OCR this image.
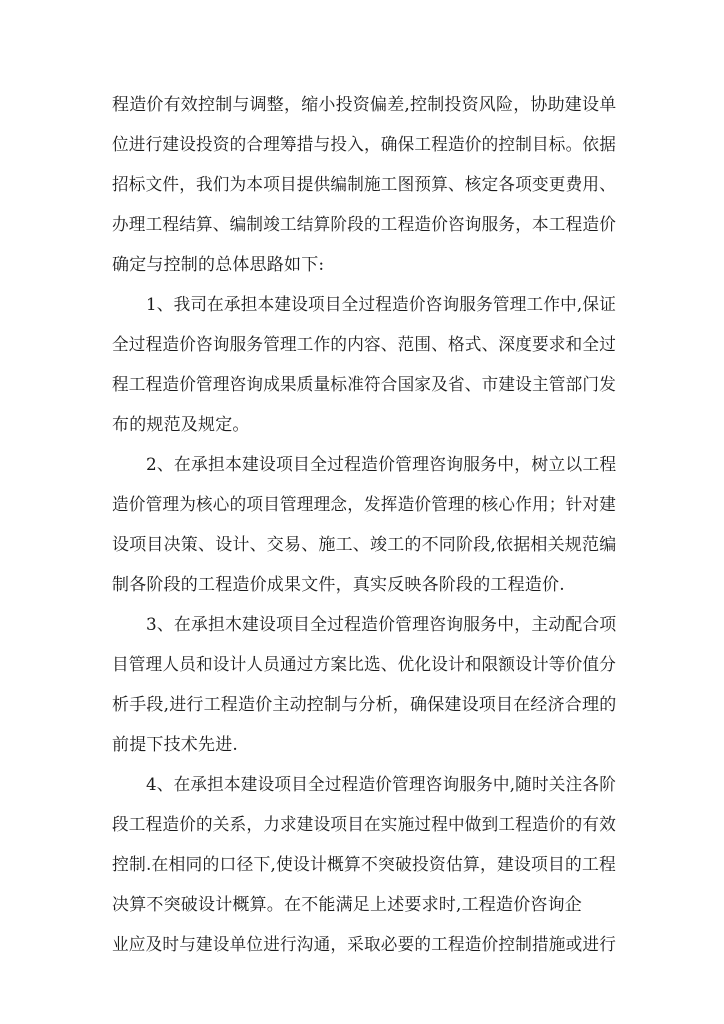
程造价有效控制与调整，缩小投资偏差,控制投资风险，协助建设单
位进行建设投资的合理筹措与投入，确保工程造价的控制目标。依据
招标文件，我们为本项目提供编制施工图预算、核定各项变更费用、
办理工程结算、编制竣工结算阶段的工程造价咨询服务，本工程造价
确定与控制的总体思路如下:
1、我司在承担本建设项目全过程造价咨询服务管理工作中,保证
全过程造价咨询服务管理工作的内容、范围、格式、深度要求和全过
程工程造价管理咨询成果质量标准符合国家及省、市建设主管部门发
布的规范及规定。
2、在承担本建设项目全过程造价管理咨询服务中，树立以工程
造价管理为核心的项目管理理念，发挥造价管理的核心作用；针对建
设项目决策、设计、交易、施工、竣工的不同阶段,依据相关规范编
制各阶段的工程造价成果文件，真实反映各阶段的工程造价.
3、在承担木建设项目全过程造价管理咨询服务中，主动配合项
目管理人员和设计人员通过方案比选、优化设计和限额设计等价值分
析手段,进行工程造价主动控制与分析，确保建设项目在经济合理的
前提下技术先进.
4、在承担本建设项目全过程造价管理咨询服务中,随时关注各阶
段工程造价的关系，力求建设项目在实施过程中做到工程造价的有效
控制.在相同的口径下,使设计概算不突破投资估算，建设项目的工程
决算不突破设计概算。在不能满足上述要求时,工程造价咨询企
业应及时与建设单位进行沟通，采取必要的工程造价控制措施或进行
